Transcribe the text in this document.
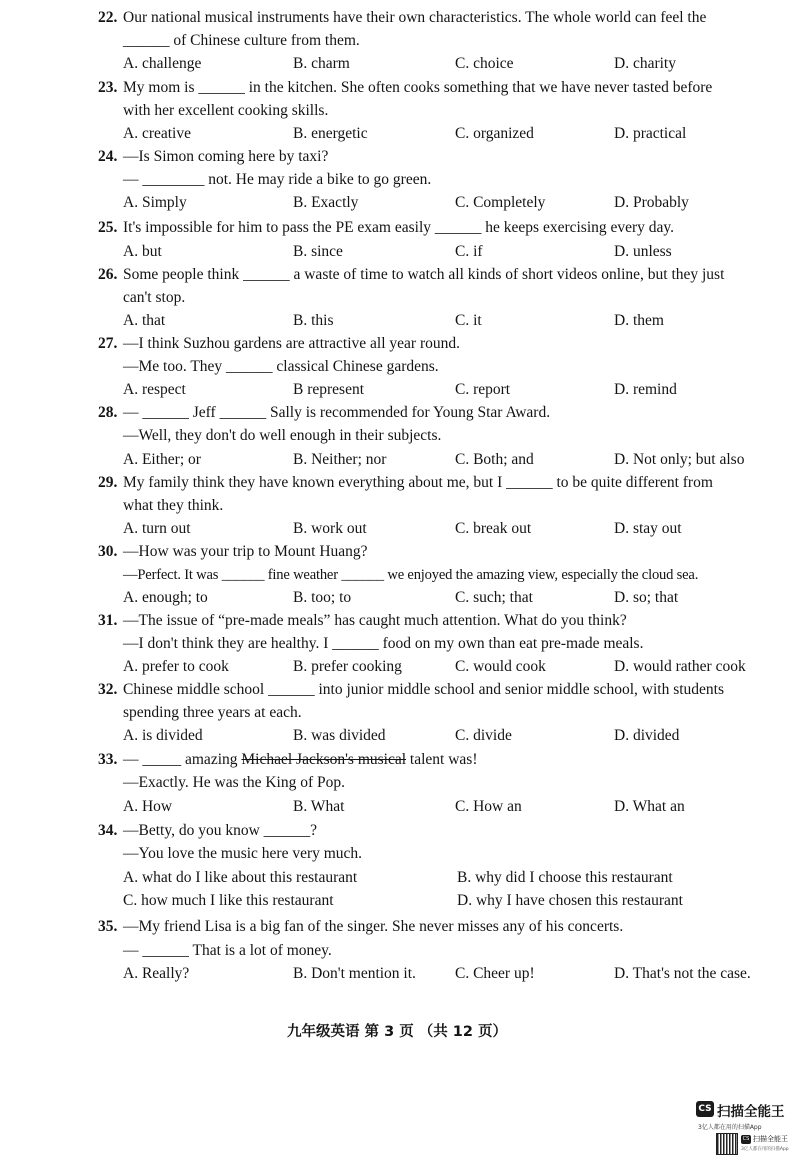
22. Our national musical instruments have their own characteristics. The whole world can feel the
______ of Chinese culture from them.
A. challenge	B. charm	C. choice	D. charity
23. My mom is ______ in the kitchen. She often cooks something that we have never tasted before
with her excellent cooking skills.
A. creative	B. energetic	C. organized	D. practical
24. —Is Simon coming here by taxi?
— ________ not. He may ride a bike to go green.
A. Simply	B. Exactly	C. Completely	D. Probably
25. It's impossible for him to pass the PE exam easily ______ he keeps exercising every day.
A. but	B. since	C. if	D. unless
26. Some people think ______ a waste of time to watch all kinds of short videos online, but they just
can't stop.
A. that	B. this	C. it	D. them
27. —I think Suzhou gardens are attractive all year round.
—Me too. They ______ classical Chinese gardens.
A. respect	B represent	C. report	D. remind
28. — ______ Jeff ______ Sally is recommended for Young Star Award.
—Well, they don't do well enough in their subjects.
A. Either; or	B. Neither; nor	C. Both; and	D. Not only; but also
29. My family think they have known everything about me, but I ______ to be quite different from
what they think.
A. turn out	B. work out	C. break out	D. stay out
30. —How was your trip to Mount Huang?
—Perfect. It was ______ fine weather ______ we enjoyed the amazing view, especially the cloud sea.
A. enough; to	B. too; to	C. such; that	D. so; that
31. —The issue of “pre-made meals” has caught much attention. What do you think?
—I don't think they are healthy. I ______ food on my own than eat pre-made meals.
A. prefer to cook	B. prefer cooking	C. would cook	D. would rather cook
32. Chinese middle school ______ into junior middle school and senior middle school, with students
spending three years at each.
A. is divided	B. was divided	C. divide	D. divided
33. — _____ amazing Michael Jackson's musical talent was!
—Exactly. He was the King of Pop.
A. How	B. What	C. How an	D. What an
34. —Betty, do you know ______?
—You love the music here very much.
A. what do I like about this restaurant	B. why did I choose this restaurant
C. how much I like this restaurant	D. why I have chosen this restaurant
35. —My friend Lisa is a big fan of the singer. She never misses any of his concerts.
— ______ That is a lot of money.
A. Really?	B. Don't mention it.	C. Cheer up!	D. That's not the case.
九年级英语 第 3 页 （共 12 页）
CS 扫描全能王
3亿人都在用的扫描App
CS 扫描全能王
3亿人都在用的扫描App
